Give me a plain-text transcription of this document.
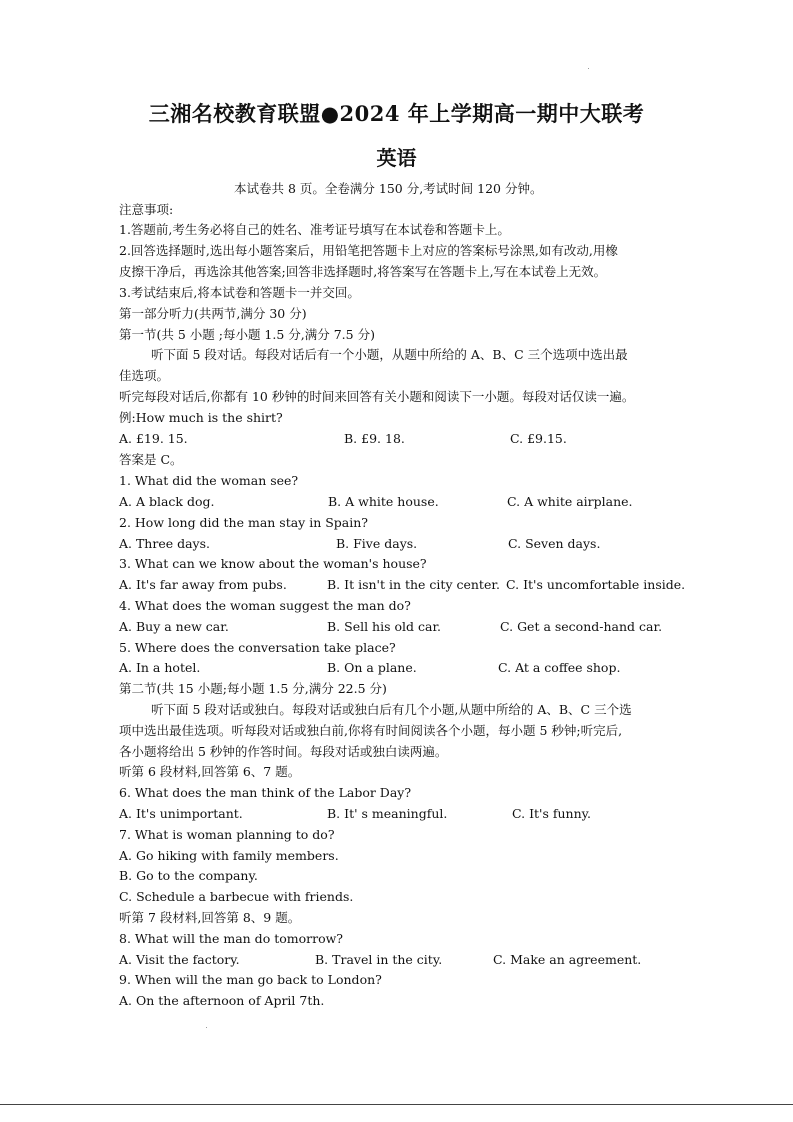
三湘名校教育联盟●2024 年上学期高一期中大联考
英语
本试卷共 8 页。全卷满分 150 分,考试时间 120 分钟。
注意事项:
1.答题前,考生务必将自己的姓名、准考证号填写在本试卷和答题卡上。
2.回答选择题时,选出每小题答案后，用铅笔把答题卡上对应的答案标号涂黑,如有改动,用橡
皮擦干净后，再选涂其他答案;回答非选择题时,将答案写在答题卡上,写在本试卷上无效。
3.考试结束后,将本试卷和答题卡一并交回。
第一部分听力(共两节,满分 30 分)
第一节(共 5 小题 ;每小题 1.5 分,满分 7.5 分)
听下面 5 段对话。每段对话后有一个小题，从题中所给的 A、B、C 三个选项中选出最
佳选项。
听完每段对话后,你都有 10 秒钟的时间来回答有关小题和阅读下一小题。每段对话仅读一遍。
例:How much is the shirt?
A. £19. 15.	B. £9. 18.	C. £9.15.
答案是 C。
1. What did the woman see?
A. A black dog.	B. A white house.	C. A white airplane.
2. How long did the man stay in Spain?
A. Three days.	B. Five days.	C. Seven days.
3. What can we know about the woman's house?
A. It's far away from pubs.	B. It isn't in the city center. C. It's uncomfortable inside.
4. What does the woman suggest the man do?
A. Buy a new car.	B. Sell his old car.	C. Get a second-hand car.
5. Where does the conversation take place?
A. In a hotel.	B. On a plane.	C. At a coffee shop.
第二节(共 15 小题;每小题 1.5 分,满分 22.5 分)
听下面 5 段对话或独白。每段对话或独白后有几个小题,从题中所给的 A、B、C 三个选
项中选出最佳选项。听每段对话或独白前,你将有时间阅读各个小题，每小题 5 秒钟;听完后,
各小题将给出 5 秒钟的作答时间。每段对话或独白读两遍。
听第 6 段材料,回答第 6、7 题。
6. What does the man think of the Labor Day?
A. It's unimportant.	B. It' s meaningful.	C. It's funny.
7. What is woman planning to do?
A. Go hiking with family members.
B. Go to the company.
C. Schedule a barbecue with friends.
听第 7 段材料,回答第 8、9 题。
8. What will the man do tomorrow?
A. Visit the factory.	B. Travel in the city.	C. Make an agreement.
9. When will the man go back to London?
A. On the afternoon of April 7th.
